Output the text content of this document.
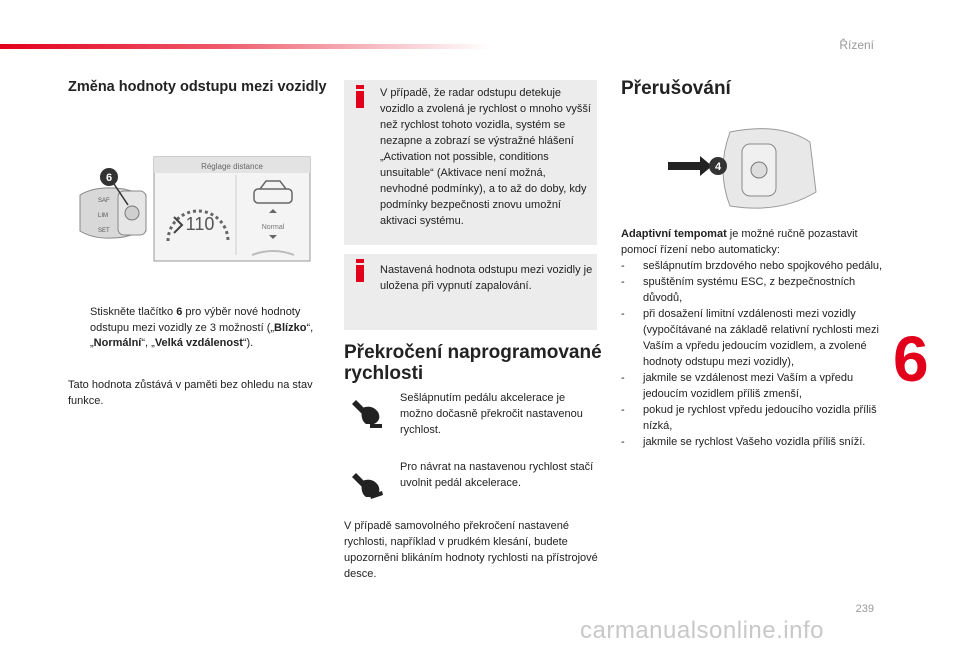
Řízení
6
239
Změna hodnoty odstupu mezi vozidly
SAF
LIM
SET
6
Réglage distance
110	Normal
Stiskněte tlačítko 6 pro výběr nové hodnoty odstupu mezi vozidly ze 3 možností („Blízko“, „Normální“, „Velká vzdálenost“).
Tato hodnota zůstává v paměti bez ohledu na stav funkce.
V případě, že radar odstupu detekuje vozidlo a zvolená je rychlost o mnoho vyšší než rychlost tohoto vozidla, systém se nezapne a zobrazí se výstražné hlášení „Activation not possible, conditions unsuitable“ (Aktivace není možná, nevhodné podmínky), a to až do doby, kdy podmínky bezpečnosti znovu umožní aktivaci systému.
Nastavená hodnota odstupu mezi vozidly je uložena při vypnutí zapalování.
Překročení naprogramované rychlosti
Sešlápnutím pedálu akcelerace je možno dočasně překročit nastavenou rychlost.
Pro návrat na nastavenou rychlost stačí uvolnit pedál akcelerace.
V případě samovolného překročení nastavené rychlosti, například v prudkém klesání, budete upozorněni blikáním hodnoty rychlosti na přístrojové desce.
Přerušování
4
Adaptivní tempomat je možné ručně pozastavit pomocí řízení nebo automaticky:
- sešlápnutím brzdového nebo spojkového pedálu,
- spuštěním systému ESC, z bezpečnostních důvodů,
- při dosažení limitní vzdálenosti mezi vozidly (vypočítávané na základě relativní rychlosti mezi Vaším a vpředu jedoucím vozidlem, a zvolené hodnoty odstupu mezi vozidly),
- jakmile se vzdálenost mezi Vaším a vpředu jedoucím vozidlem příliš zmenší,
- pokud je rychlost vpředu jedoucího vozidla příliš nízká,
- jakmile se rychlost Vašeho vozidla příliš sníží.
carmanualsonline.info
